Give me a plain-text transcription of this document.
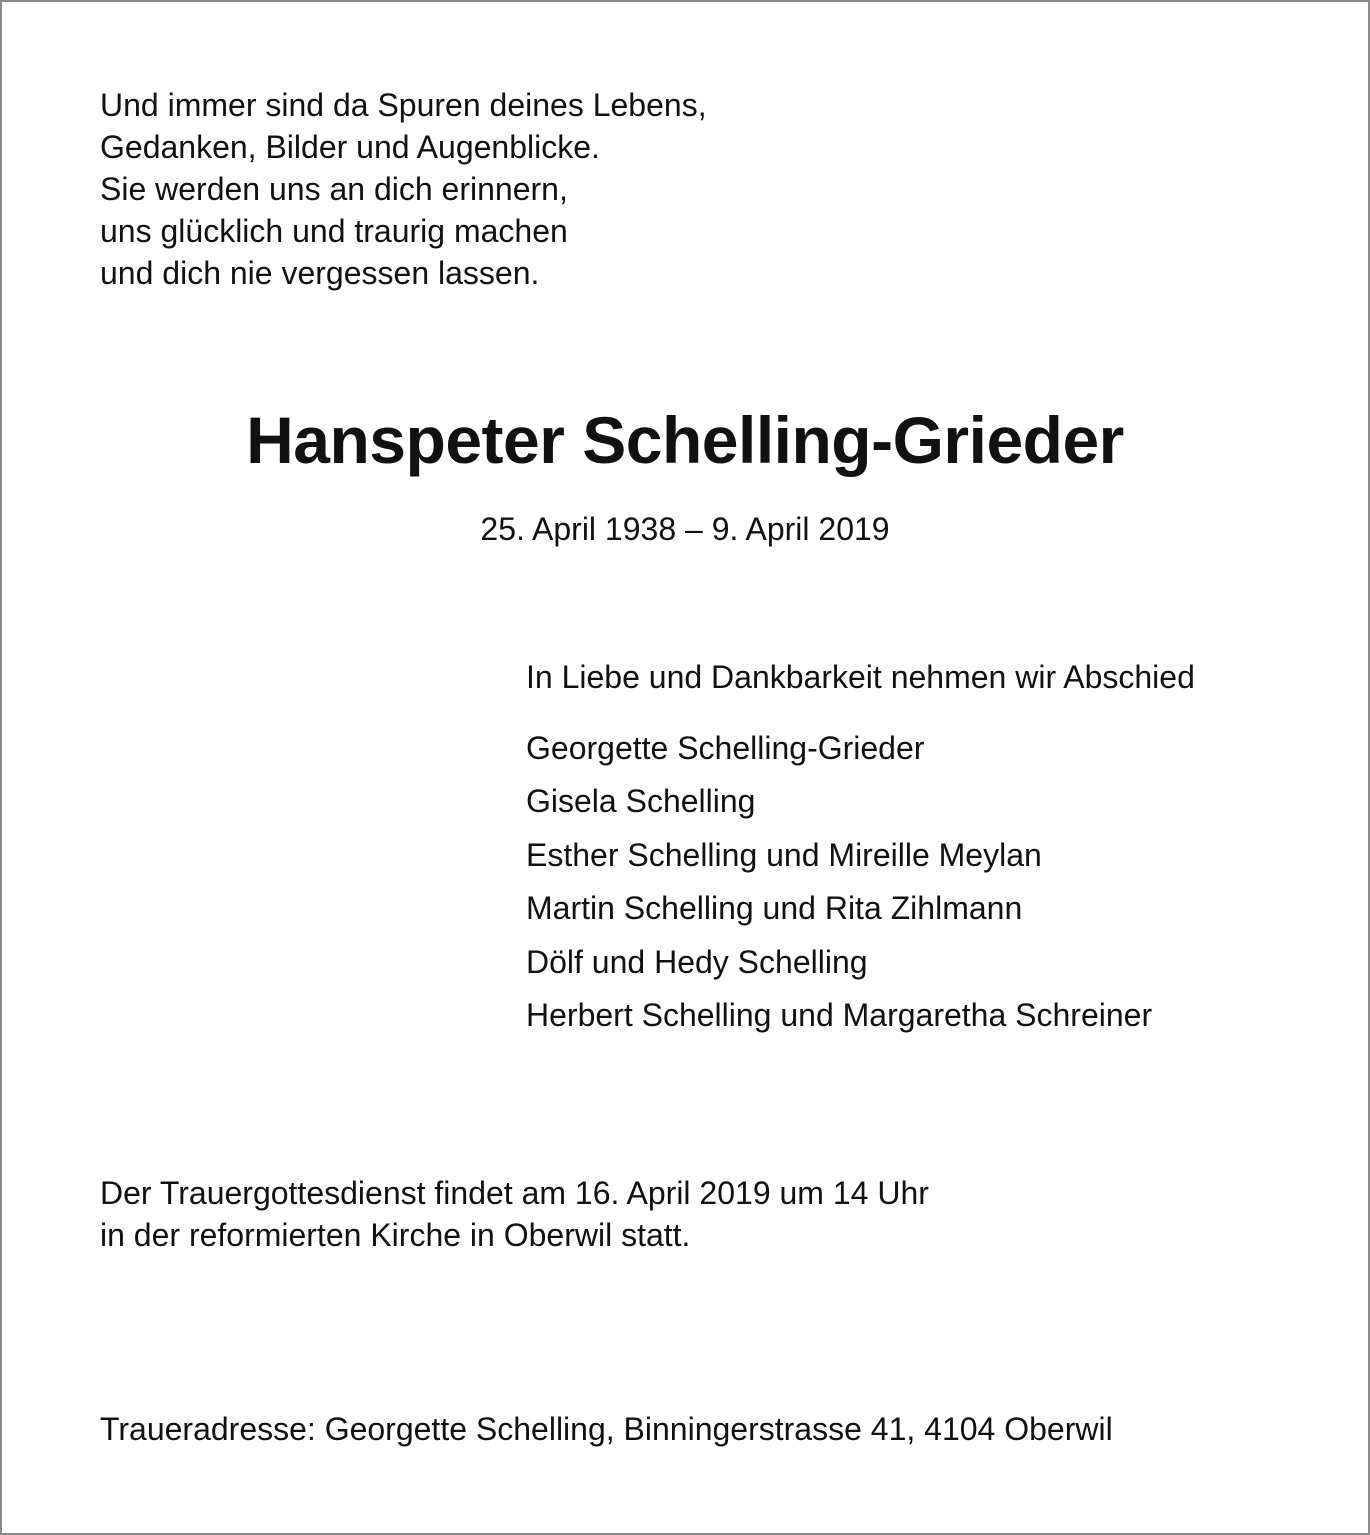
Und immer sind da Spuren deines Lebens,
Gedanken, Bilder und Augenblicke.
Sie werden uns an dich erinnern,
uns glücklich und traurig machen
und dich nie vergessen lassen.
Hanspeter Schelling-Grieder
25. April 1938 – 9. April 2019
In Liebe und Dankbarkeit nehmen wir Abschied
Georgette Schelling-Grieder
Gisela Schelling
Esther Schelling und Mireille Meylan
Martin Schelling und Rita Zihlmann
Dölf und Hedy Schelling
Herbert Schelling und Margaretha Schreiner
Der Trauergottesdienst findet am 16. April 2019 um 14 Uhr
in der reformierten Kirche in Oberwil statt.
Traueradresse: Georgette Schelling, Binningerstrasse 41, 4104 Oberwil
